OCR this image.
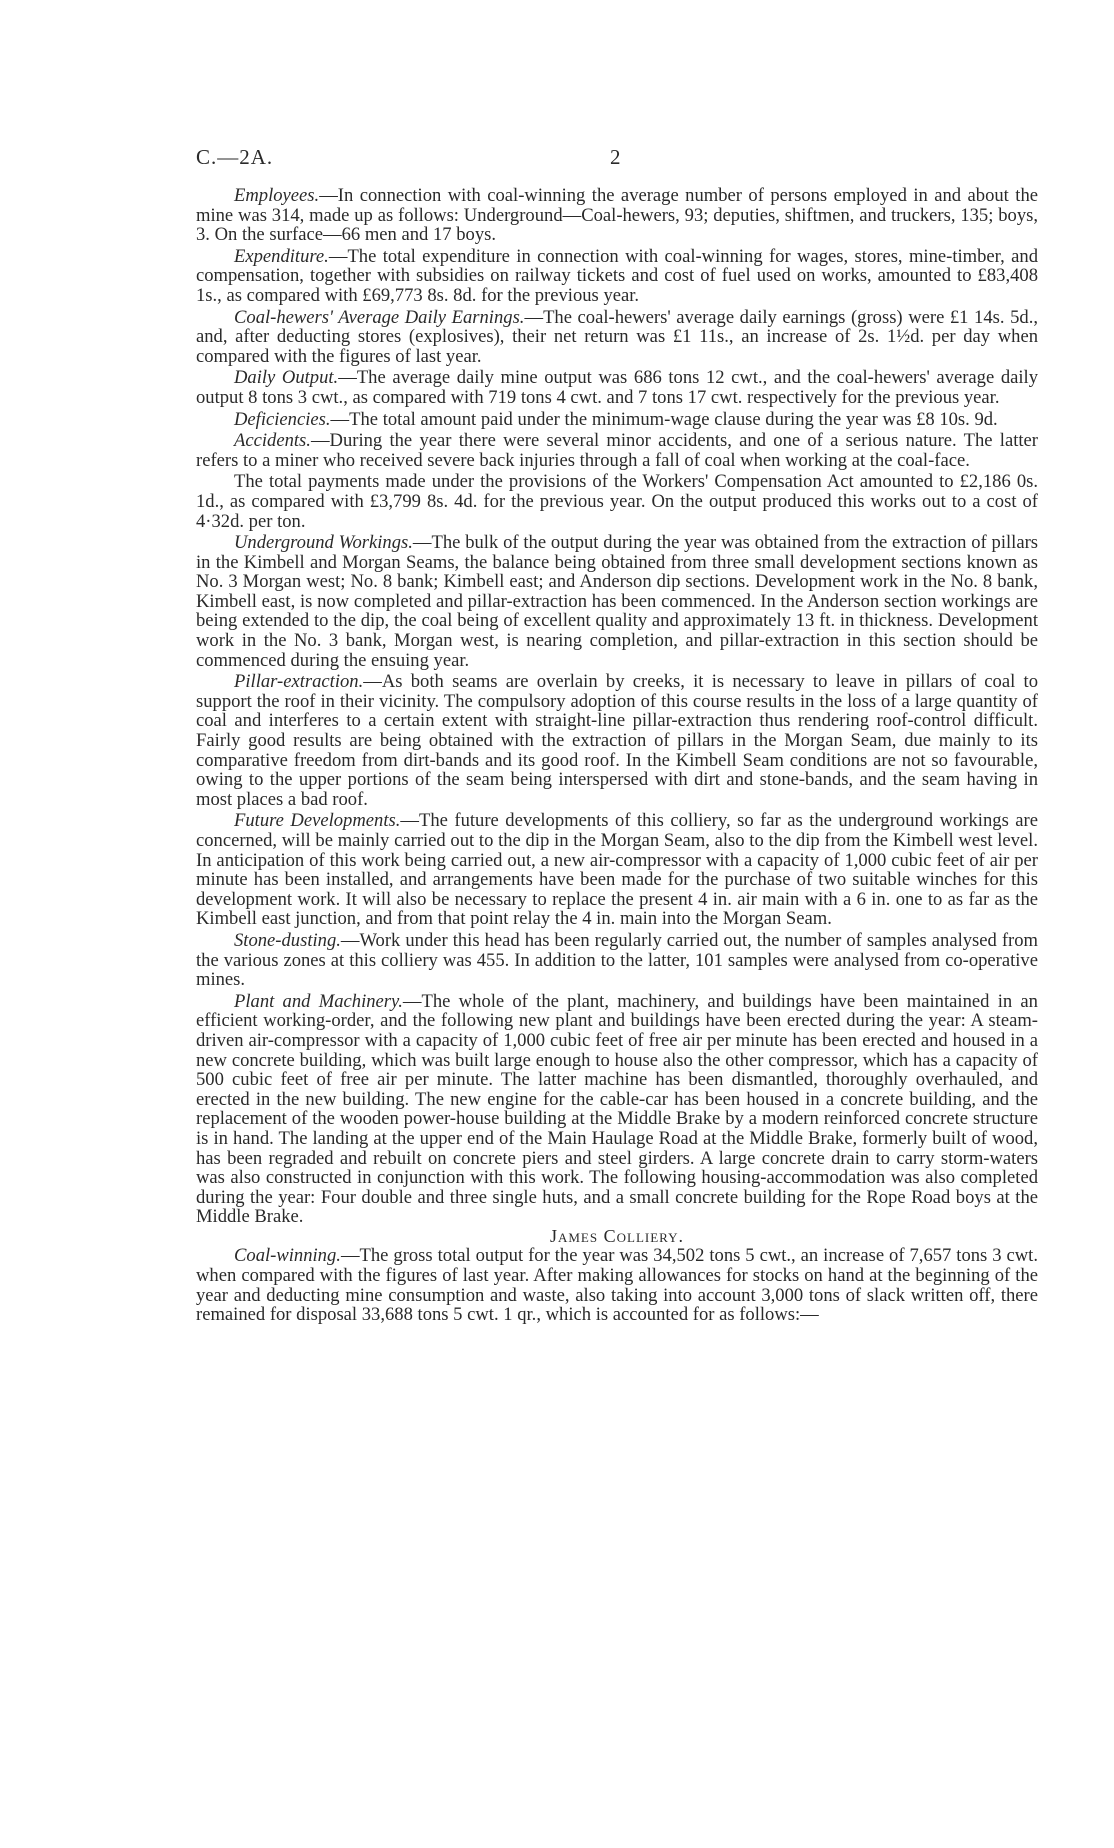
C.—2A.	2

Employees.—In connection with coal-winning the average number of persons employed in and about the mine was 314, made up as follows: Underground—Coal-hewers, 93; deputies, shiftmen, and truckers, 135; boys, 3. On the surface—66 men and 17 boys.

Expenditure.—The total expenditure in connection with coal-winning for wages, stores, mine-timber, and compensation, together with subsidies on railway tickets and cost of fuel used on works, amounted to £83,408 1s., as compared with £69,773 8s. 8d. for the previous year.

Coal-hewers' Average Daily Earnings.—The coal-hewers' average daily earnings (gross) were £1 14s. 5d., and, after deducting stores (explosives), their net return was £1 11s., an increase of 2s. 1½d. per day when compared with the figures of last year.

Daily Output.—The average daily mine output was 686 tons 12 cwt., and the coal-hewers' average daily output 8 tons 3 cwt., as compared with 719 tons 4 cwt. and 7 tons 17 cwt. respectively for the previous year.

Deficiencies.—The total amount paid under the minimum-wage clause during the year was £8 10s. 9d.

Accidents.—During the year there were several minor accidents, and one of a serious nature. The latter refers to a miner who received severe back injuries through a fall of coal when working at the coal-face.

The total payments made under the provisions of the Workers' Compensation Act amounted to £2,186 0s. 1d., as compared with £3,799 8s. 4d. for the previous year. On the output produced this works out to a cost of 4·32d. per ton.

Underground Workings.—The bulk of the output during the year was obtained from the extraction of pillars in the Kimbell and Morgan Seams, the balance being obtained from three small development sections known as No. 3 Morgan west; No. 8 bank; Kimbell east; and Anderson dip sections. Development work in the No. 8 bank, Kimbell east, is now completed and pillar-extraction has been commenced. In the Anderson section workings are being extended to the dip, the coal being of excellent quality and approximately 13 ft. in thickness. Development work in the No. 3 bank, Morgan west, is nearing completion, and pillar-extraction in this section should be commenced during the ensuing year.

Pillar-extraction.—As both seams are overlain by creeks, it is necessary to leave in pillars of coal to support the roof in their vicinity. The compulsory adoption of this course results in the loss of a large quantity of coal and interferes to a certain extent with straight-line pillar-extraction thus rendering roof-control difficult. Fairly good results are being obtained with the extraction of pillars in the Morgan Seam, due mainly to its comparative freedom from dirt-bands and its good roof. In the Kimbell Seam conditions are not so favourable, owing to the upper portions of the seam being interspersed with dirt and stone-bands, and the seam having in most places a bad roof.

Future Developments.—The future developments of this colliery, so far as the underground workings are concerned, will be mainly carried out to the dip in the Morgan Seam, also to the dip from the Kimbell west level. In anticipation of this work being carried out, a new air-compressor with a capacity of 1,000 cubic feet of air per minute has been installed, and arrangements have been made for the purchase of two suitable winches for this development work. It will also be necessary to replace the present 4 in. air main with a 6 in. one to as far as the Kimbell east junction, and from that point relay the 4 in. main into the Morgan Seam.

Stone-dusting.—Work under this head has been regularly carried out, the number of samples analysed from the various zones at this colliery was 455. In addition to the latter, 101 samples were analysed from co-operative mines.

Plant and Machinery.—The whole of the plant, machinery, and buildings have been maintained in an efficient working-order, and the following new plant and buildings have been erected during the year: A steam-driven air-compressor with a capacity of 1,000 cubic feet of free air per minute has been erected and housed in a new concrete building, which was built large enough to house also the other compressor, which has a capacity of 500 cubic feet of free air per minute. The latter machine has been dismantled, thoroughly overhauled, and erected in the new building. The new engine for the cable-car has been housed in a concrete building, and the replacement of the wooden power-house building at the Middle Brake by a modern reinforced concrete structure is in hand. The landing at the upper end of the Main Haulage Road at the Middle Brake, formerly built of wood, has been regraded and rebuilt on concrete piers and steel girders. A large concrete drain to carry storm-waters was also constructed in conjunction with this work. The following housing-accommodation was also completed during the year: Four double and three single huts, and a small concrete building for the Rope Road boys at the Middle Brake.

James Colliery.

Coal-winning.—The gross total output for the year was 34,502 tons 5 cwt., an increase of 7,657 tons 3 cwt. when compared with the figures of last year. After making allowances for stocks on hand at the beginning of the year and deducting mine consumption and waste, also taking into account 3,000 tons of slack written off, there remained for disposal 33,688 tons 5 cwt. 1 qr., which is accounted for as follows:—
